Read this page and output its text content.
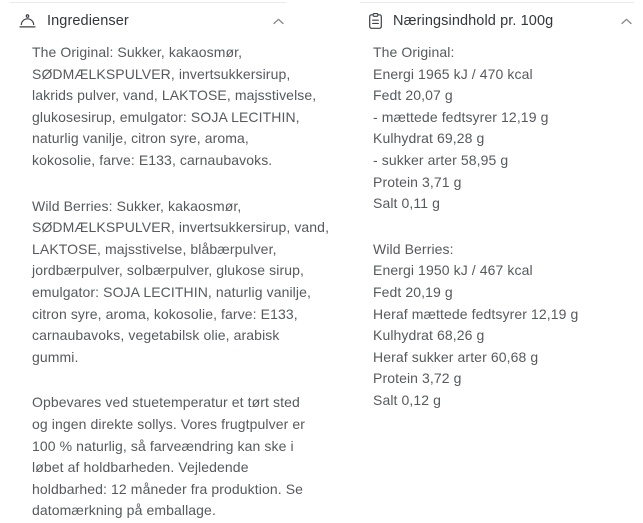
Ingredienser
The Original: Sukker, kakaosmør,
SØDMÆLKSPULVER, invertsukkersirup,
lakrids pulver, vand, LAKTOSE, majsstivelse,
glukosesirup, emulgator: SOJA LECITHIN,
naturlig vanilje, citron syre, aroma,
kokosolie, farve: E133, carnaubavoks.
Wild Berries: Sukker, kakaosmør,
SØDMÆLKSPULVER, invertsukkersirup, vand,
LAKTOSE, majsstivelse, blåbærpulver,
jordbærpulver, solbærpulver, glukose sirup,
emulgator: SOJA LECITHIN, naturlig vanilje,
citron syre, aroma, kokosolie, farve: E133,
carnaubavoks, vegetabilsk olie, arabisk
gummi.
Opbevares ved stuetemperatur et tørt sted
og ingen direkte sollys. Vores frugtpulver er
100 % naturlig, så farveændring kan ske i
løbet af holdbarheden. Vejledende
holdbarhed: 12 måneder fra produktion. Se
datomærkning på emballage.
Næringsindhold pr. 100g
The Original:
Energi 1965 kJ / 470 kcal
Fedt 20,07 g
- mættede fedtsyrer 12,19 g
Kulhydrat 69,28 g
- sukker arter 58,95 g
Protein 3,71 g
Salt 0,11 g
Wild Berries:
Energi 1950 kJ / 467 kcal
Fedt 20,19 g
Heraf mættede fedtsyrer 12,19 g
Kulhydrat 68,26 g
Heraf sukker arter 60,68 g
Protein 3,72 g
Salt 0,12 g
